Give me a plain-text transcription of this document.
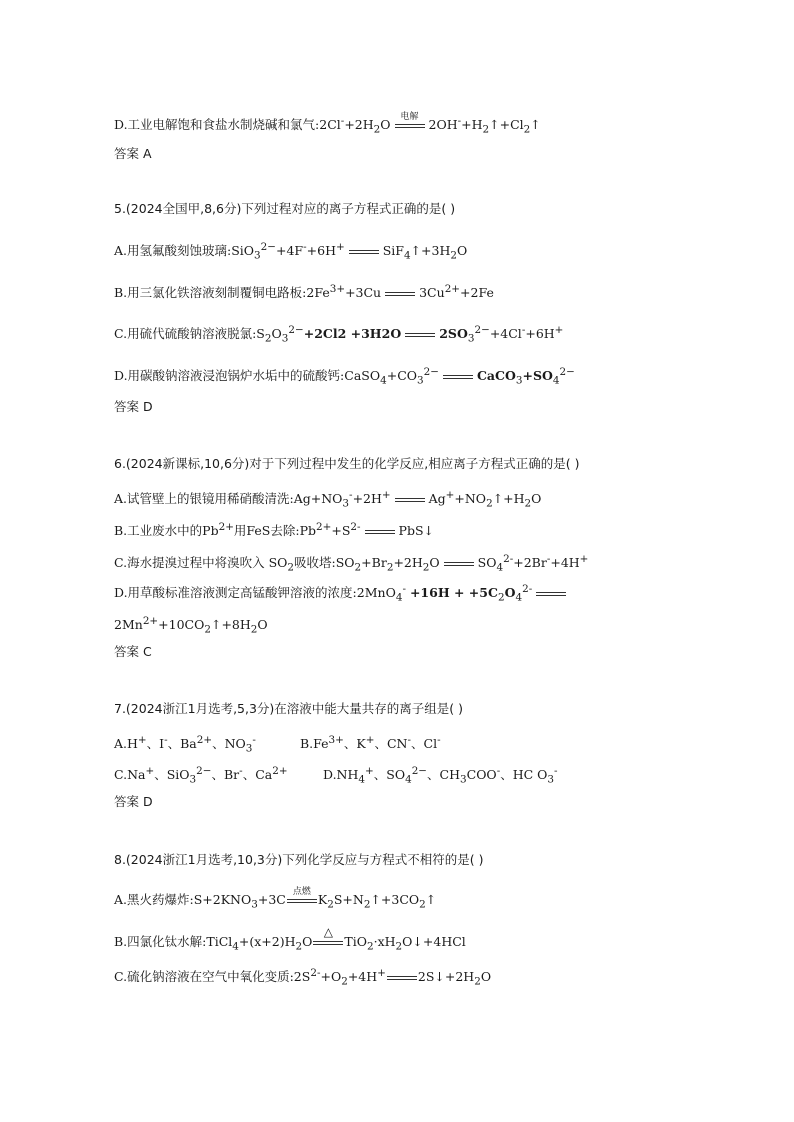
D.工业电解饱和食盐水制烧碱和氯气$:2Cl^-+2H_2O$
电解
$2OH^-+H_2↑+Cl_2↑$
答案 A
5.(2024全国甲,8,6分)下列过程对应的离子方程式正确的是( )
A.用氢氟酸刻蚀玻璃:SiO$_3^{2-}$+4F-+6H+	$SiF_4↑+3H_2O$
B.用三氯化铁溶液刻制覆铜电路板$:2Fe^{3+}+3Cu$	$3Cu^{2+}+2Fe$
C.用硫代硫酸钠溶液脱氯$:S_2O_3^{2-}+2Cl2 +3H2O$	$2SO_3^{2-}+4Cl^-+6H^+$
D.用碳酸钠溶液浸泡锅炉水垢中的硫酸钙$:CaSO_4+CO_3^{2-}$	$CaCO_3+SO_4^{2-}$
答案 D
6.(2024新课标,10,6分)对于下列过程中发生的化学反应,相应离子方程式正确的是( )
A.试管壁上的银镜用稀硝酸清洗$:Ag+NO_3^-+2H^+$	$Ag^++NO_2↑+H_2O$
B.工业废水中的$Pb^{2+}$用FeS去除$:Pb^{2+}+S^{2-}$	PbS↓
C.海水提溴过程中将溴吹入 $SO_2$吸收塔$:SO_2+Br_2+2H_2O$	$SO_4^{2-}+2Br^-+4H^+$
D.用草酸标准溶液测定高锰酸钾溶液的浓度:2MnO$_4$- $+16H + +5C_2O_4^{2-}$
$2Mn^{2+}+10CO_2↑+8H_2O$
答案 C
7.(2024浙江1月选考,5,3分)在溶液中能大量共存的离子组是( )
A.H+、I-、$Ba^{2+}$、$NO_3^-$	$B.Fe^{3+}$、K+、CN-、Cl-
C.Na+、SiO$_3^{2-}$、Br-、$Ca^{2+}$	$D.NH_4^+$、$SO_4^{2-}$、$CH_3COO^-$、HC $O_3^-$
答案 D
8.(2024浙江1月选考,10,3分)下列化学反应与方程式不相符的是( )
A.黑火药爆炸$:S+2KNO_3+3C$
点燃
$K_2S+N_2↑+3CO_2↑$
B.四氯化钛水解$:TiCl_4+(x+2)H_2O$
△
$TiO_2\cdot xH_2O↓+4HCl$
C.硫化钠溶液在空气中氧化变质$:2S^{2-}+O_2+4H^+$	$2S↓+2H_2O$
